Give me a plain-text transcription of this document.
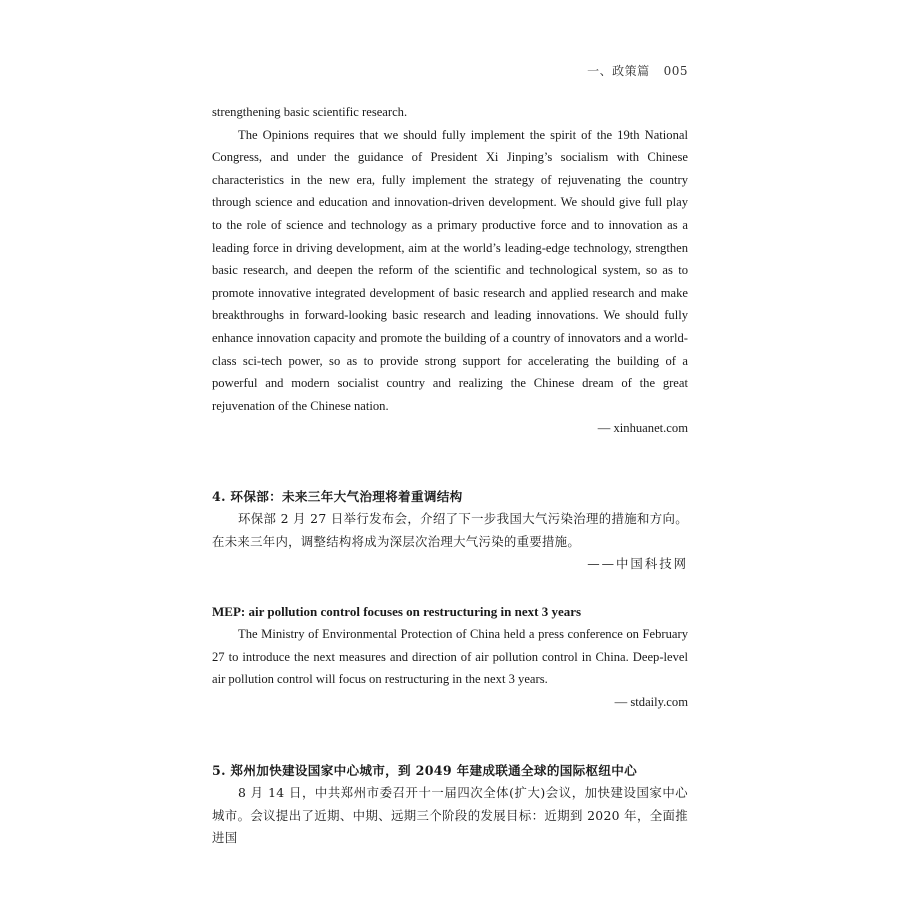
一、政策篇 005

strengthening basic scientific research.

The Opinions requires that we should fully implement the spirit of the 19th National Congress, and under the guidance of President Xi Jinping’s socialism with Chinese characteristics in the new era, fully implement the strategy of rejuvenating the country through science and education and innovation-driven development. We should give full play to the role of science and technology as a primary productive force and to innovation as a leading force in driving development, aim at the world’s leading-edge technology, strengthen basic research, and deepen the reform of the scientific and technological system, so as to promote innovative integrated development of basic research and applied research and make breakthroughs in forward-looking basic research and leading innovations. We should fully enhance innovation capacity and promote the building of a country of innovators and a world-class sci-tech power, so as to provide strong support for accelerating the building of a powerful and modern socialist country and realizing the Chinese dream of the great rejuvenation of the Chinese nation.

— xinhuanet.com

4. 环保部：未来三年大气治理将着重调结构

环保部 2 月 27 日举行发布会，介绍了下一步我国大气污染治理的措施和方向。在未来三年内，调整结构将成为深层次治理大气污染的重要措施。

——中国科技网

MEP: air pollution control focuses on restructuring in next 3 years

The Ministry of Environmental Protection of China held a press conference on February 27 to introduce the next measures and direction of air pollution control in China. Deep-level air pollution control will focus on restructuring in the next 3 years.

— stdaily.com

5. 郑州加快建设国家中心城市，到 2049 年建成联通全球的国际枢纽中心

8 月 14 日，中共郑州市委召开十一届四次全体(扩大)会议，加快建设国家中心城市。会议提出了近期、中期、远期三个阶段的发展目标：近期到 2020 年，全面推进国
